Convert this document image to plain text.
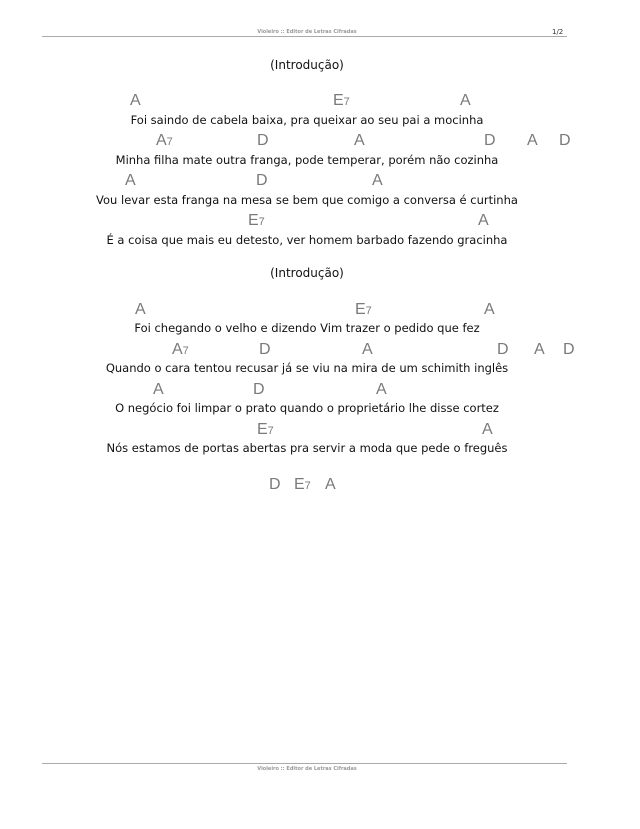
Violeiro :: Editor de Letras Cifradas	1/2
(Introdução)
A	E7	A
Foi saindo de cabela baixa, pra queixar ao seu pai a mocinha
A7	D	A	D A D
Minha filha mate outra franga, pode temperar, porém não cozinha
A	D	A
Vou levar esta franga na mesa se bem que comigo a conversa é curtinha
E7	A
É a coisa que mais eu detesto, ver homem barbado fazendo gracinha
(Introdução)
A	E7	A
Foi chegando o velho e dizendo Vim trazer o pedido que fez
A7	D	A	D A D
Quando o cara tentou recusar já se viu na mira de um schimith inglês
A	D	A
O negócio foi limpar o prato quando o proprietário lhe disse cortez
E7	A
Nós estamos de portas abertas pra servir a moda que pede o freguês
D E7 A
Violeiro :: Editor de Letras Cifradas
